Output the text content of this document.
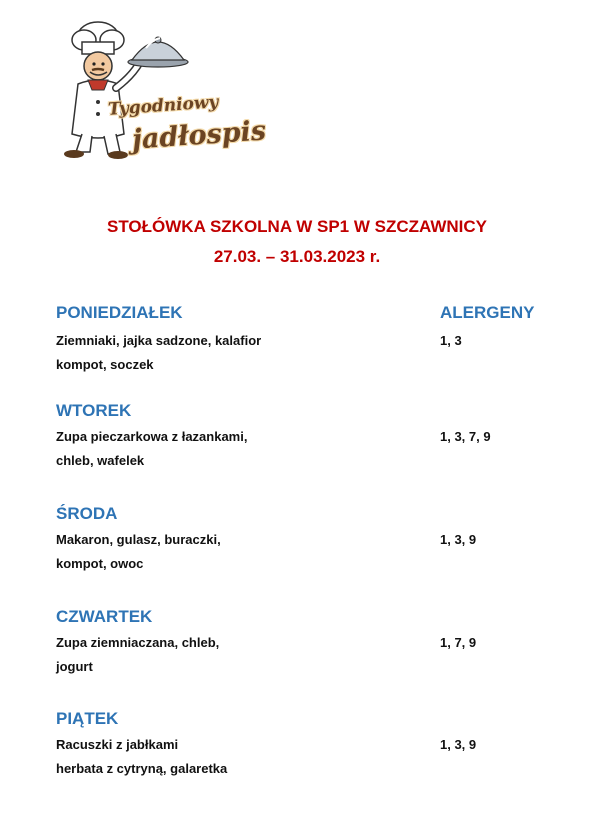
Tygodniowy
jadłospis
STOŁÓWKA SZKOLNA W SP1 W SZCZAWNICY
27.03. – 31.03.2023 r.
ALERGENY
PONIEDZIAŁEK
Ziemniaki, jajka sadzone, kalafior
kompot, soczek
1, 3
WTOREK
Zupa pieczarkowa z łazankami,
chleb, wafelek
1, 3, 7, 9
ŚRODA
Makaron, gulasz, buraczki,
kompot, owoc
1, 3, 9
CZWARTEK
Zupa ziemniaczana, chleb,
jogurt
1, 7, 9
PIĄTEK
Racuszki z jabłkami
herbata z cytryną, galaretka
1, 3, 9
